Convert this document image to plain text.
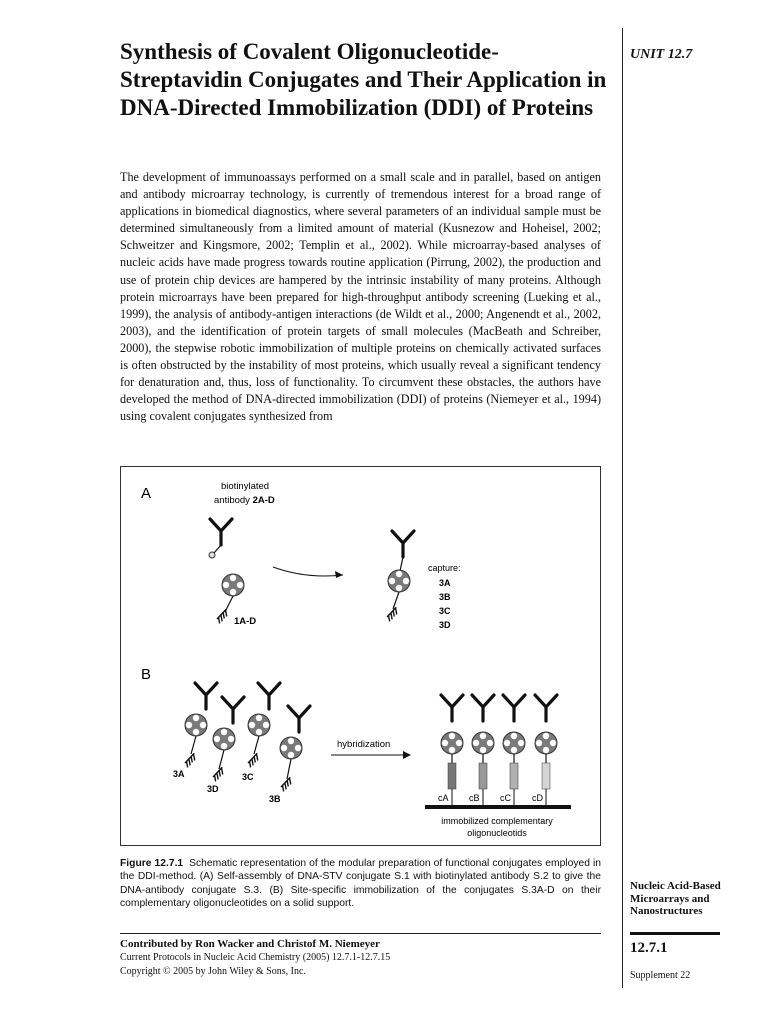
UNIT 12.7
Synthesis of Covalent Oligonucleotide-Streptavidin Conjugates and Their Application in DNA-Directed Immobilization (DDI) of Proteins

The development of immunoassays performed on a small scale and in parallel, based on antigen and antibody microarray technology, is currently of tremendous interest for a broad range of applications in biomedical diagnostics, where several parameters of an individual sample must be determined simultaneously from a limited amount of material (Kusnezow and Hoheisel, 2002; Schweitzer and Kingsmore, 2002; Templin et al., 2002). While microarray-based analyses of nucleic acids have made progress towards routine application (Pirrung, 2002), the production and use of protein chip devices are hampered by the intrinsic instability of many proteins. Although protein microarrays have been prepared for high-throughput antibody screening (Lueking et al., 1999), the analysis of antibody-antigen interactions (de Wildt et al., 2000; Angenendt et al., 2002, 2003), and the identification of protein targets of small molecules (MacBeath and Schreiber, 2000), the stepwise robotic immobilization of multiple proteins on chemically activated surfaces is often obstructed by the instability of most proteins, which usually reveal a significant tendency for denaturation and, thus, loss of functionality. To circumvent these obstacles, the authors have developed the method of DNA-directed immobilization (DDI) of proteins (Niemeyer et al., 1994) using covalent conjugates synthesized from

A	biotinylated
antibody 2A-D
1A-D
capture:
3A
3B
3C
3D
B
3A
3D
3C
3B
hybridization
cA cB cC cD
immobilized complementary
oligonucleotids

Figure 12.7.1 Schematic representation of the modular preparation of functional conjugates employed in the DDI-method. (A) Self-assembly of DNA-STV conjugate S.1 with biotinylated antibody S.2 to give the DNA-antibody conjugate S.3. (B) Site-specific immobilization of the conjugates S.3A-D on their complementary oligonucleotides on a solid support.

Contributed by Ron Wacker and Christof M. Niemeyer
Current Protocols in Nucleic Acid Chemistry (2005) 12.7.1-12.7.15
Copyright © 2005 by John Wiley & Sons, Inc.
Nucleic Acid-Based Microarrays and Nanostructures
12.7.1
Supplement 22
